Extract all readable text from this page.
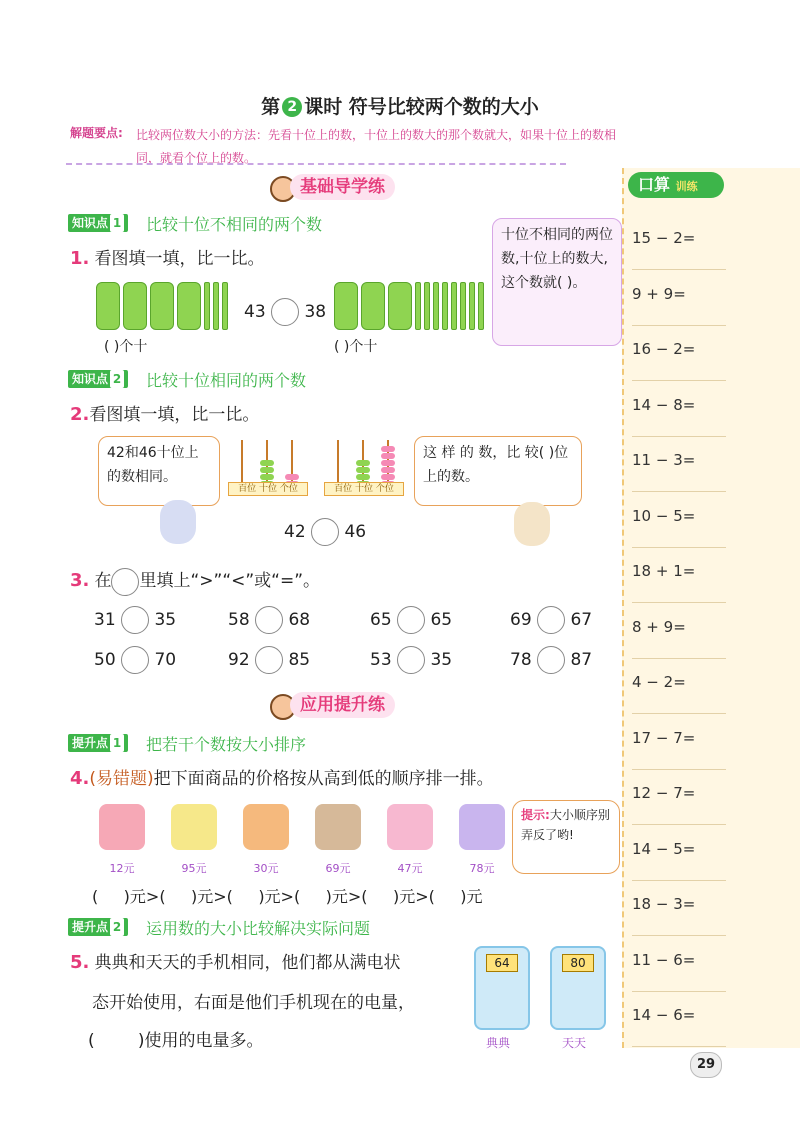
第 2 课时 符号比较两个数的大小
解题要点: 比较两位数大小的方法：先看十位上的数，十位上的数大的那个数就大，如果十位上的数相同，就看个位上的数。
口算 训练
15 − 2=
9 + 9=
16 − 2=
14 − 8=
11 − 3=
10 − 5=
18 + 1=
8 + 9=
4 − 2=
17 − 7=
12 − 7=
14 − 5=
18 − 3=
11 − 6=
14 − 6=
基础导学练
知识点 1	比较十位不相同的两个数
1. 看图填一填，比一比。
43 38
( )个十	( )个十
十位不相同的两位数,十位上的数大,这个数就( )。
知识点 2	比较十位相同的两个数
2.看图填一填，比一比。
42和46十位上的数相同。
百位 十位 个位	百位 十位 个位
42 46
这 样 的 数，比 较( )位上的数。
3. 在 里填上“>”“<”或“=”。
31 35	58 68	65 65	69 67
50 70	92 85	53 35	78 87
应用提升练
提升点 1	把若干个数按大小排序
4.(易错题)把下面商品的价格按从高到低的顺序排一排。
12元	95元	30元	69元	47元	78元
提示:大小顺序别弄反了哟!
(     )元>(     )元>(     )元>(     )元>(     )元>(     )元
提升点 2	运用数的大小比较解决实际问题
5. 典典和天天的手机相同，他们都从满电状
态开始使用，右面是他们手机现在的电量，
(        )使用的电量多。
64	80
典典	天天
29
